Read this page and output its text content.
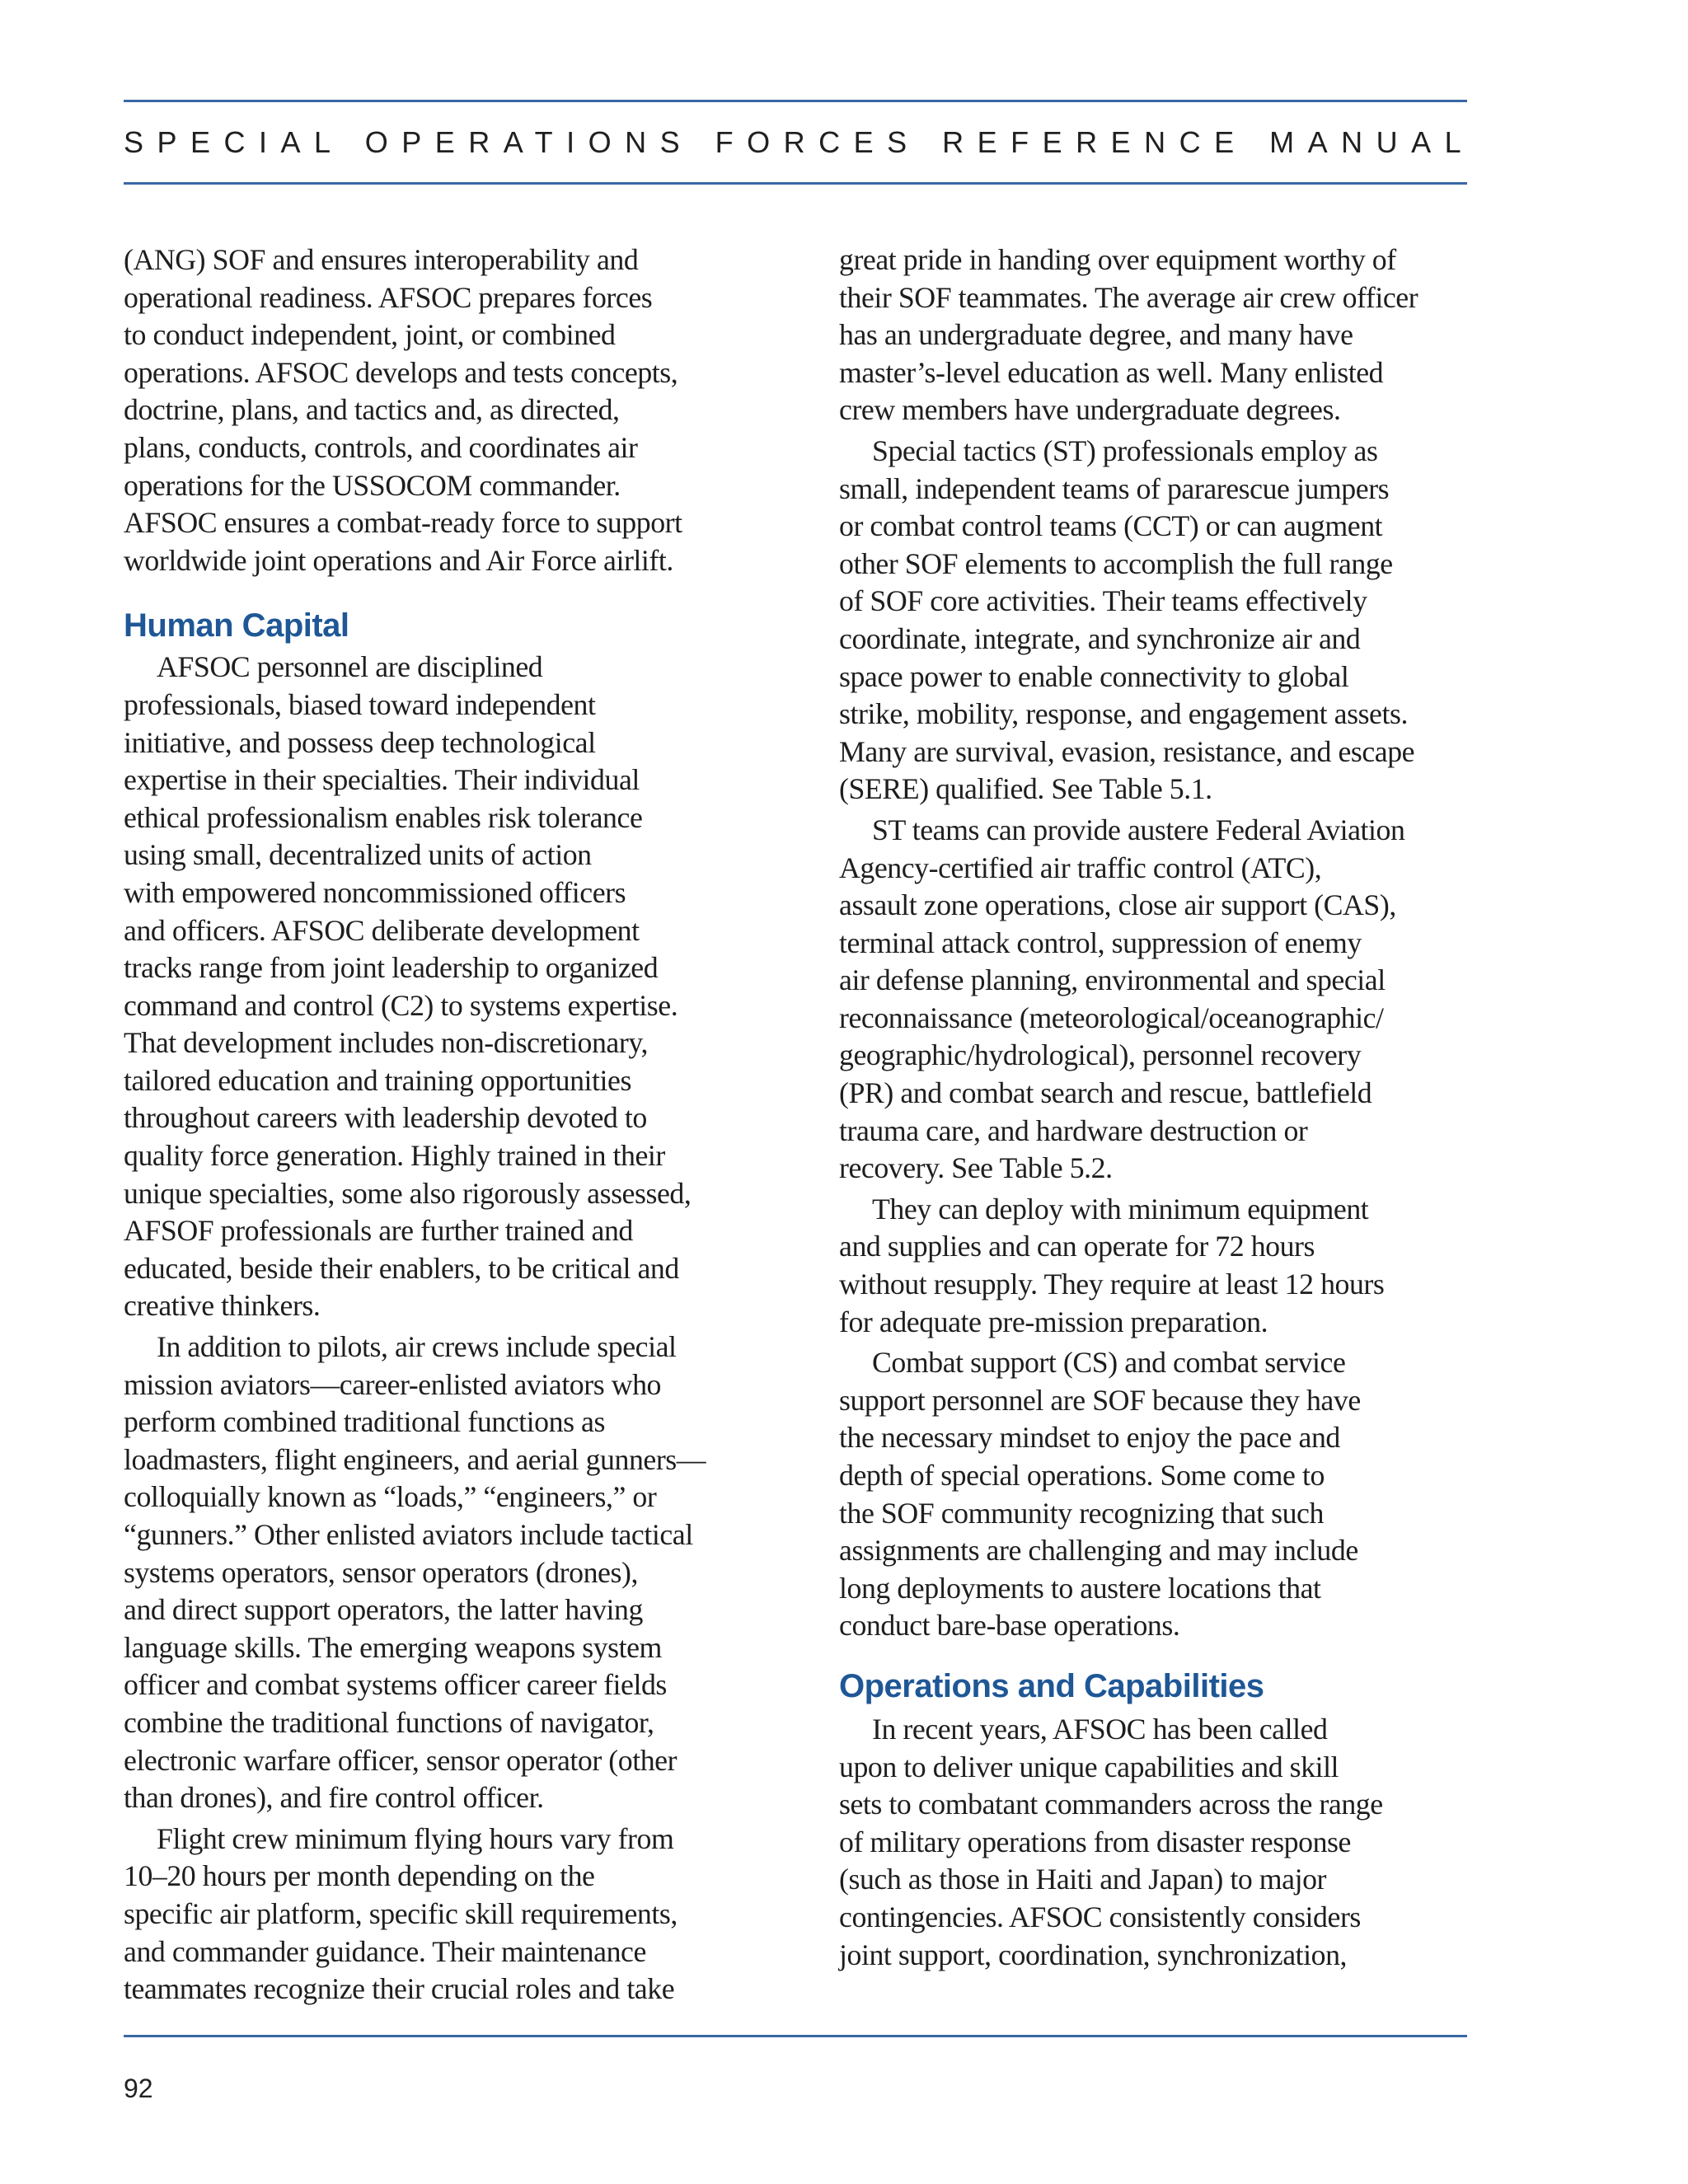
SPECIAL OPERATIONS FORCES REFERENCE MANUAL
(ANG) SOF and ensures interoperability and
operational readiness. AFSOC prepares forces
to conduct independent, joint, or combined
operations. AFSOC develops and tests concepts,
doctrine, plans, and tactics and, as directed,
plans, conducts, controls, and coordinates air
operations for the USSOCOM commander.
AFSOC ensures a combat-ready force to support
worldwide joint operations and Air Force airlift.
Human Capital
AFSOC personnel are disciplined
professionals, biased toward independent
initiative, and possess deep technological
expertise in their specialties. Their individual
ethical professionalism enables risk tolerance
using small, decentralized units of action
with empowered noncommissioned officers
and officers. AFSOC deliberate development
tracks range from joint leadership to organized
command and control (C2) to systems expertise.
That development includes non-discretionary,
tailored education and training opportunities
throughout careers with leadership devoted to
quality force generation. Highly trained in their
unique specialties, some also rigorously assessed,
AFSOF professionals are further trained and
educated, beside their enablers, to be critical and
creative thinkers.
In addition to pilots, air crews include special
mission aviators—career-enlisted aviators who
perform combined traditional functions as
loadmasters, flight engineers, and aerial gunners—
colloquially known as “loads,” “engineers,” or
“gunners.” Other enlisted aviators include tactical
systems operators, sensor operators (drones),
and direct support operators, the latter having
language skills. The emerging weapons system
officer and combat systems officer career fields
combine the traditional functions of navigator,
electronic warfare officer, sensor operator (other
than drones), and fire control officer.
Flight crew minimum flying hours vary from
10–20 hours per month depending on the
specific air platform, specific skill requirements,
and commander guidance. Their maintenance
teammates recognize their crucial roles and take
great pride in handing over equipment worthy of
their SOF teammates. The average air crew officer
has an undergraduate degree, and many have
master’s-level education as well. Many enlisted
crew members have undergraduate degrees.
Special tactics (ST) professionals employ as
small, independent teams of pararescue jumpers
or combat control teams (CCT) or can augment
other SOF elements to accomplish the full range
of SOF core activities. Their teams effectively
coordinate, integrate, and synchronize air and
space power to enable connectivity to global
strike, mobility, response, and engagement assets.
Many are survival, evasion, resistance, and escape
(SERE) qualified. See Table 5.1.
ST teams can provide austere Federal Aviation
Agency-certified air traffic control (ATC),
assault zone operations, close air support (CAS),
terminal attack control, suppression of enemy
air defense planning, environmental and special
reconnaissance (meteorological/oceanographic/
geographic/hydrological), personnel recovery
(PR) and combat search and rescue, battlefield
trauma care, and hardware destruction or
recovery. See Table 5.2.
They can deploy with minimum equipment
and supplies and can operate for 72 hours
without resupply. They require at least 12 hours
for adequate pre-mission preparation.
Combat support (CS) and combat service
support personnel are SOF because they have
the necessary mindset to enjoy the pace and
depth of special operations. Some come to
the SOF community recognizing that such
assignments are challenging and may include
long deployments to austere locations that
conduct bare-base operations.
Operations and Capabilities
In recent years, AFSOC has been called
upon to deliver unique capabilities and skill
sets to combatant commanders across the range
of military operations from disaster response
(such as those in Haiti and Japan) to major
contingencies. AFSOC consistently considers
joint support, coordination, synchronization,
92
